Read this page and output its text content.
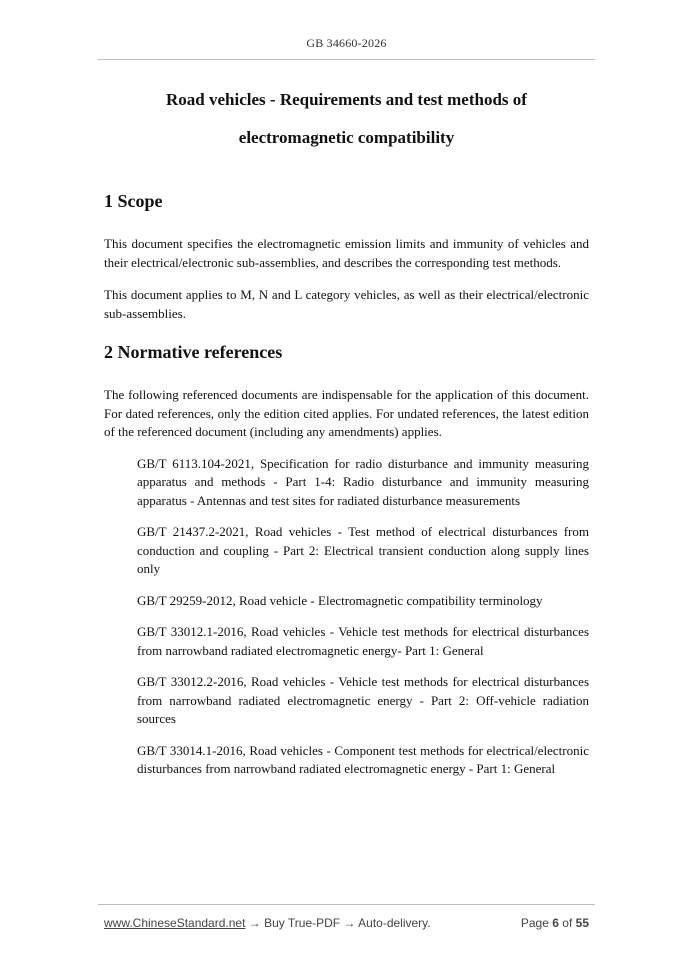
GB 34660-2026
Road vehicles - Requirements and test methods of
electromagnetic compatibility
1 Scope

This document specifies the electromagnetic emission limits and immunity of vehicles and their electrical/electronic sub-assemblies, and describes the corresponding test methods.

This document applies to M, N and L category vehicles, as well as their electrical/electronic sub-assemblies.

2 Normative references

The following referenced documents are indispensable for the application of this document. For dated references, only the edition cited applies. For undated references, the latest edition of the referenced document (including any amendments) applies.

GB/T 6113.104-2021, Specification for radio disturbance and immunity measuring apparatus and methods - Part 1-4: Radio disturbance and immunity measuring apparatus - Antennas and test sites for radiated disturbance measurements
GB/T 21437.2-2021, Road vehicles - Test method of electrical disturbances from conduction and coupling - Part 2: Electrical transient conduction along supply lines only
GB/T 29259-2012, Road vehicle - Electromagnetic compatibility terminology
GB/T 33012.1-2016, Road vehicles - Vehicle test methods for electrical disturbances from narrowband radiated electromagnetic energy- Part 1: General
GB/T 33012.2-2016, Road vehicles - Vehicle test methods for electrical disturbances from narrowband radiated electromagnetic energy - Part 2: Off-vehicle radiation sources
GB/T 33014.1-2016, Road vehicles - Component test methods for electrical/electronic disturbances from narrowband radiated electromagnetic energy - Part 1: General
www.ChineseStandard.net → Buy True-PDF → Auto-delivery.	Page 6 of 55
